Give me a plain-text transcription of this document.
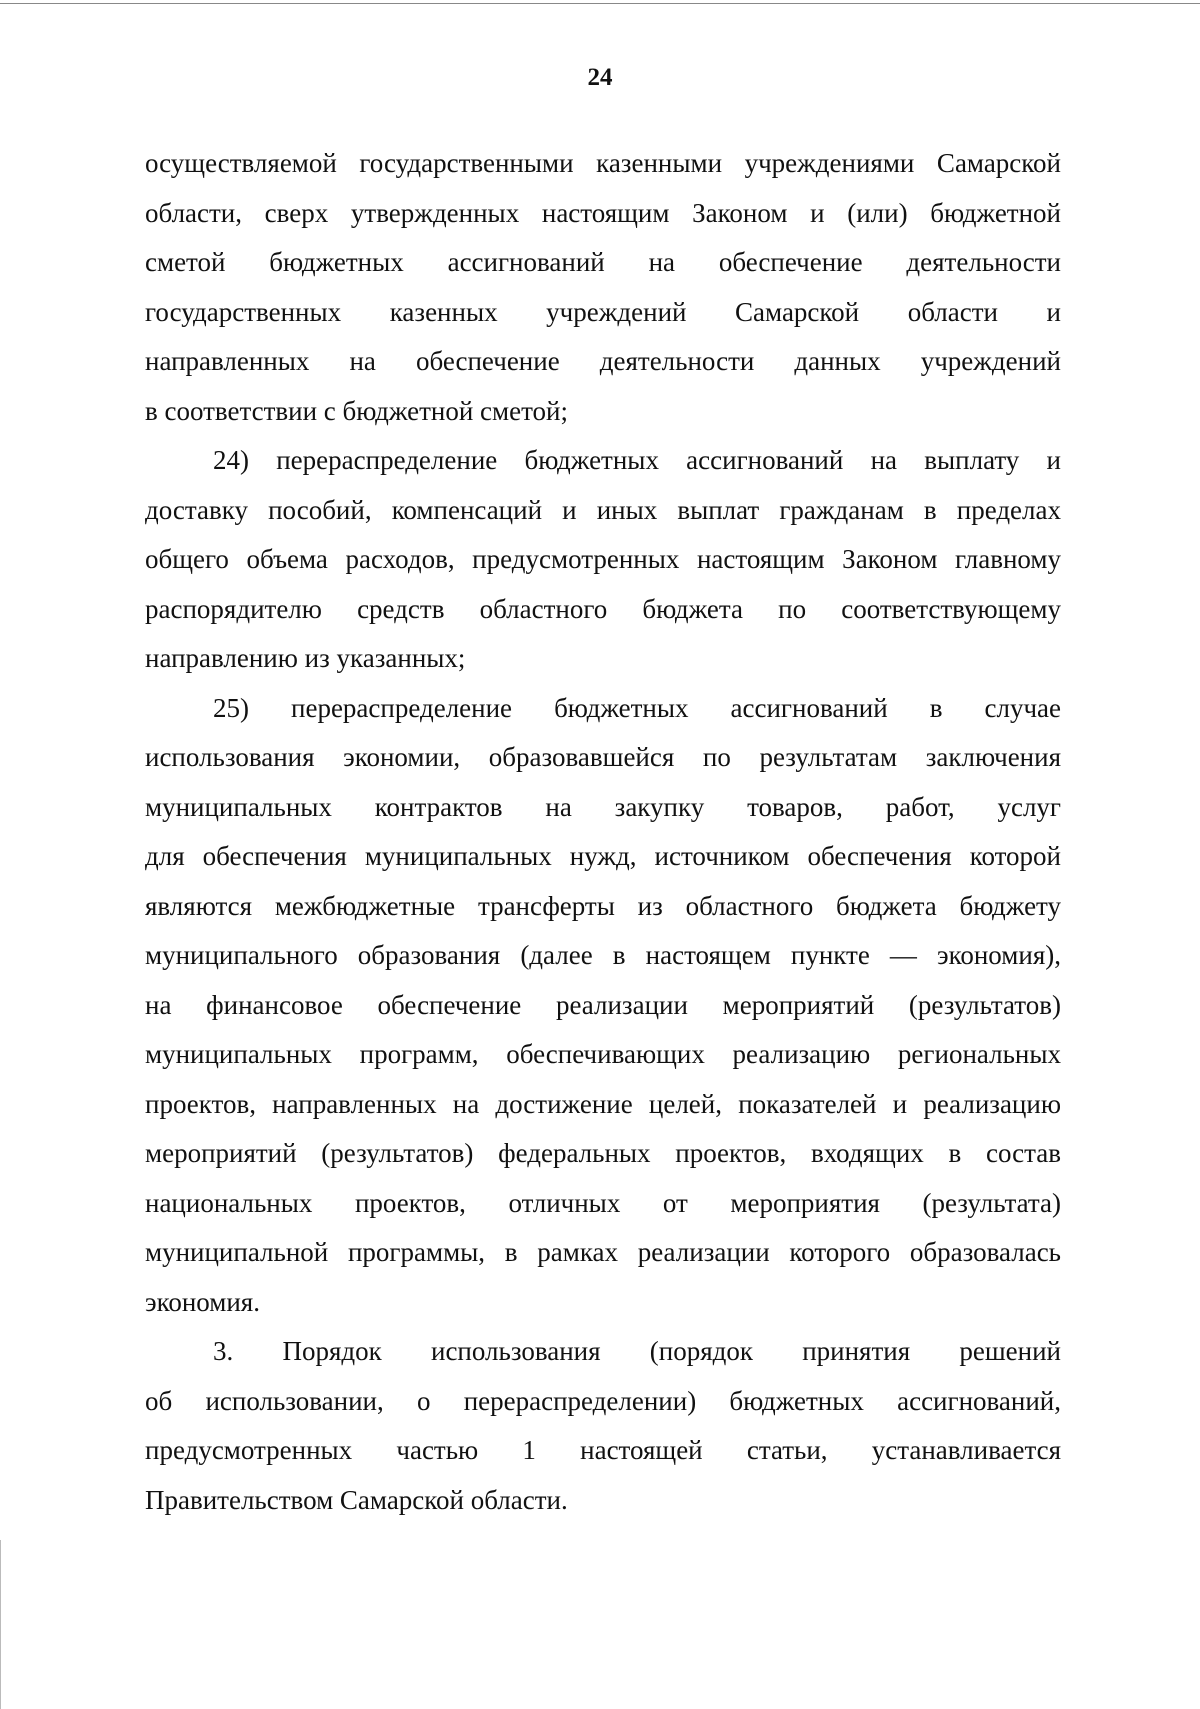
24
осуществляемой государственными казенными учреждениями Самарской
области, сверх утвержденных настоящим Законом и (или) бюджетной
сметой бюджетных ассигнований на обеспечение деятельности
государственных казенных учреждений Самарской области и
направленных на обеспечение деятельности данных учреждений
в соответствии с бюджетной сметой;
24) перераспределение бюджетных ассигнований на выплату и
доставку пособий, компенсаций и иных выплат гражданам в пределах
общего объема расходов, предусмотренных настоящим Законом главному
распорядителю средств областного бюджета по соответствующему
направлению из указанных;
25) перераспределение бюджетных ассигнований в случае
использования экономии, образовавшейся по результатам заключения
муниципальных контрактов на закупку товаров, работ, услуг
для обеспечения муниципальных нужд, источником обеспечения которой
являются межбюджетные трансферты из областного бюджета бюджету
муниципального образования (далее в настоящем пункте — экономия),
на финансовое обеспечение реализации мероприятий (результатов)
муниципальных программ, обеспечивающих реализацию региональных
проектов, направленных на достижение целей, показателей и реализацию
мероприятий (результатов) федеральных проектов, входящих в состав
национальных проектов, отличных от мероприятия (результата)
муниципальной программы, в рамках реализации которого образовалась
экономия.
3. Порядок использования (порядок принятия решений
об использовании, о перераспределении) бюджетных ассигнований,
предусмотренных частью 1 настоящей статьи, устанавливается
Правительством Самарской области.
